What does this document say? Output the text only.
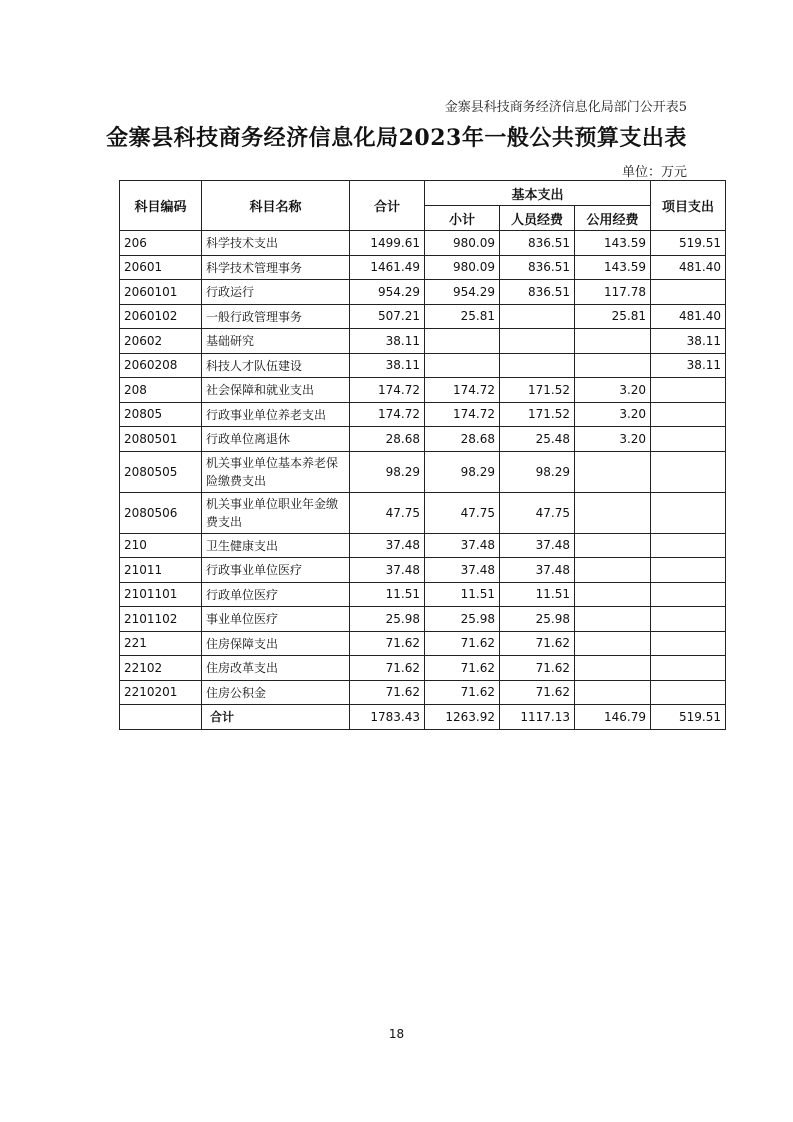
金寨县科技商务经济信息化局部门公开表5
金寨县科技商务经济信息化局2023年一般公共预算支出表
单位：万元
科目编码	科目名称	合计	基本支出			项目支出
			小计	人员经费	公用经费	
206	科学技术支出	1499.61	980.09	836.51	143.59	519.51
20601	科学技术管理事务	1461.49	980.09	836.51	143.59	481.40
2060101	行政运行	954.29	954.29	836.51	117.78	
2060102	一般行政管理事务	507.21	25.81		25.81	481.40
20602	基础研究	38.11				38.11
2060208	科技人才队伍建设	38.11				38.11
208	社会保障和就业支出	174.72	174.72	171.52	3.20	
20805	行政事业单位养老支出	174.72	174.72	171.52	3.20	
2080501	行政单位离退休	28.68	28.68	25.48	3.20	
2080505	机关事业单位基本养老保险缴费支出	98.29	98.29	98.29		
2080506	机关事业单位职业年金缴费支出	47.75	47.75	47.75		
210	卫生健康支出	37.48	37.48	37.48		
21011	行政事业单位医疗	37.48	37.48	37.48		
2101101	行政单位医疗	11.51	11.51	11.51		
2101102	事业单位医疗	25.98	25.98	25.98		
221	住房保障支出	71.62	71.62	71.62		
22102	住房改革支出	71.62	71.62	71.62		
2210201	住房公积金	71.62	71.62	71.62		
	合计	1783.43	1263.92	1117.13	146.79	519.51
18
